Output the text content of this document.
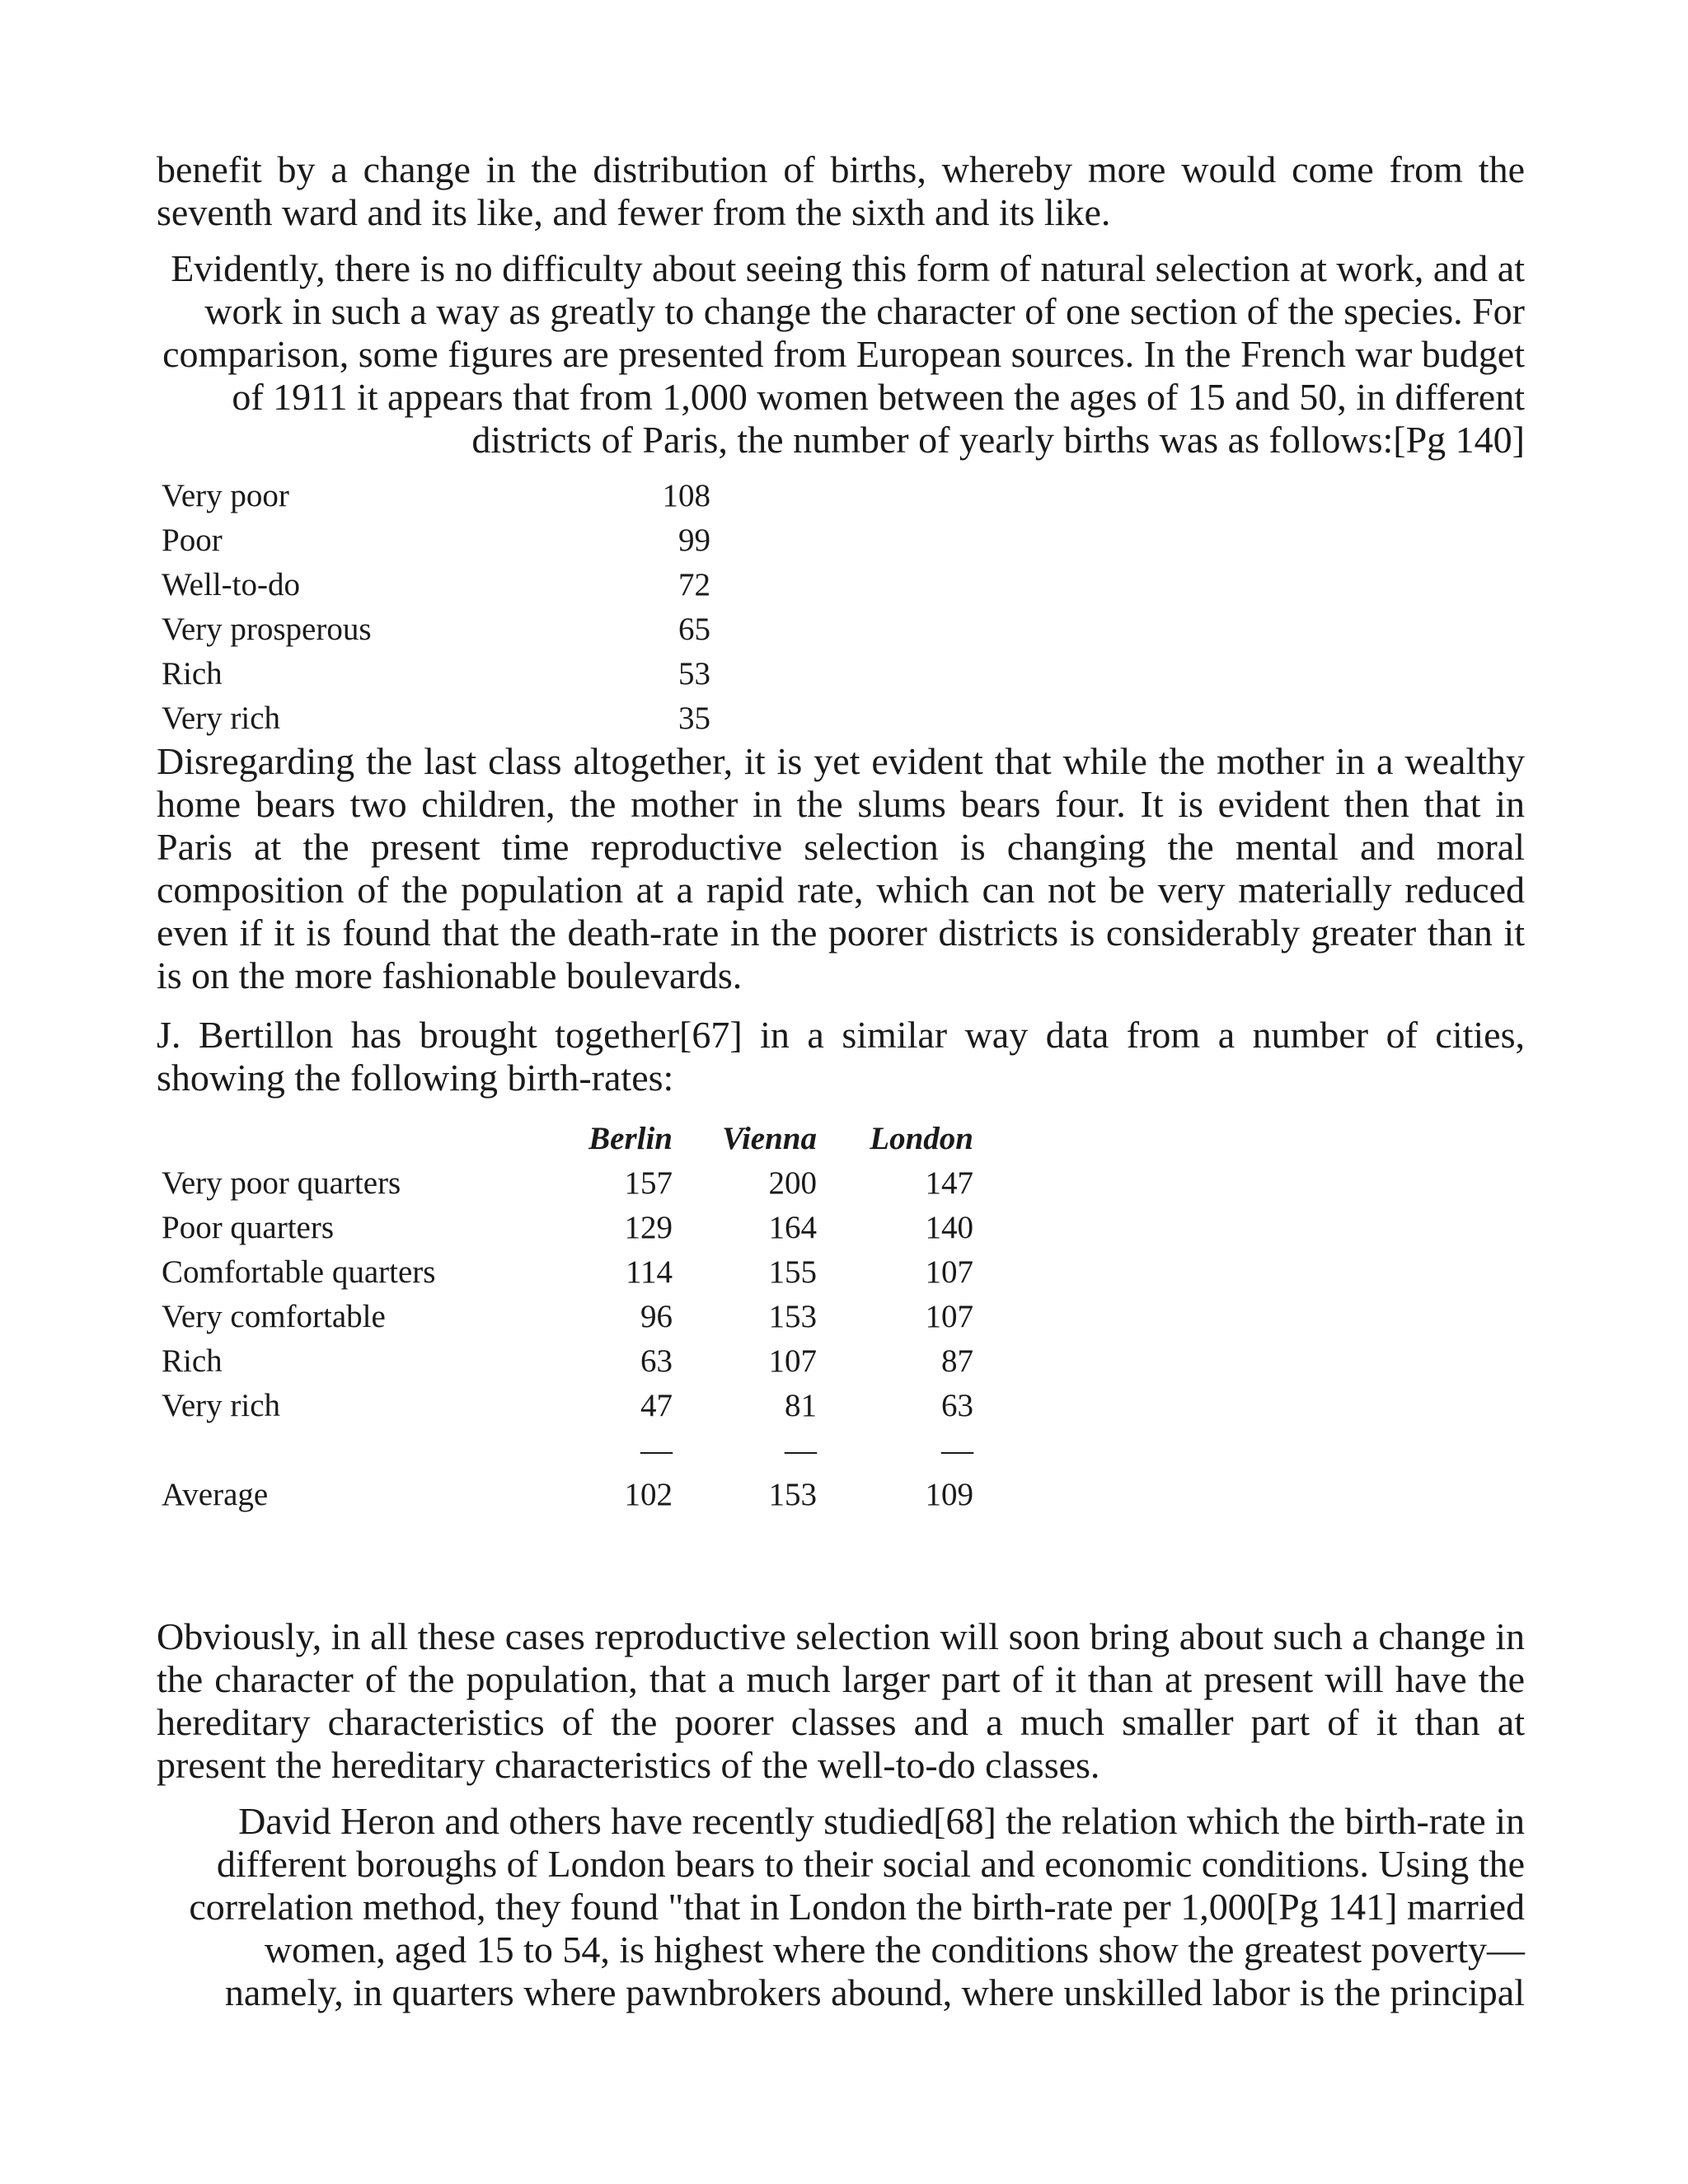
benefit by a change in the distribution of births, whereby more would come from the seventh ward and its like, and fewer from the sixth and its like.

Evidently, there is no difficulty about seeing this form of natural selection at work, and at work in such a way as greatly to change the character of one section of the species. For comparison, some figures are presented from European sources. In the French war budget of 1911 it appears that from 1,000 women between the ages of 15 and 50, in different districts of Paris, the number of yearly births was as follows:[Pg 140]

Very poor	108
Poor	99
Well-to-do	72
Very prosperous	65
Rich	53
Very rich	35

Disregarding the last class altogether, it is yet evident that while the mother in a wealthy home bears two children, the mother in the slums bears four. It is evident then that in Paris at the present time reproductive selection is changing the mental and moral composition of the population at a rapid rate, which can not be very materially reduced even if it is found that the death-rate in the poorer districts is considerably greater than it is on the more fashionable boulevards.

J. Bertillon has brought together[67] in a similar way data from a number of cities, showing the following birth-rates:

	Berlin	Vienna	London
Very poor quarters	157	200	147
Poor quarters	129	164	140
Comfortable quarters	114	155	107
Very comfortable	96	153	107
Rich	63	107	87
Very rich	47	81	63
	—	—	—
Average	102	153	109

Obviously, in all these cases reproductive selection will soon bring about such a change in the character of the population, that a much larger part of it than at present will have the hereditary characteristics of the poorer classes and a much smaller part of it than at present the hereditary characteristics of the well-to-do classes.

David Heron and others have recently studied[68] the relation which the birth-rate in different boroughs of London bears to their social and economic conditions. Using the correlation method, they found "that in London the birth-rate per 1,000[Pg 141] married women, aged 15 to 54, is highest where the conditions show the greatest poverty—namely, in quarters where pawnbrokers abound, where unskilled labor is the principal
